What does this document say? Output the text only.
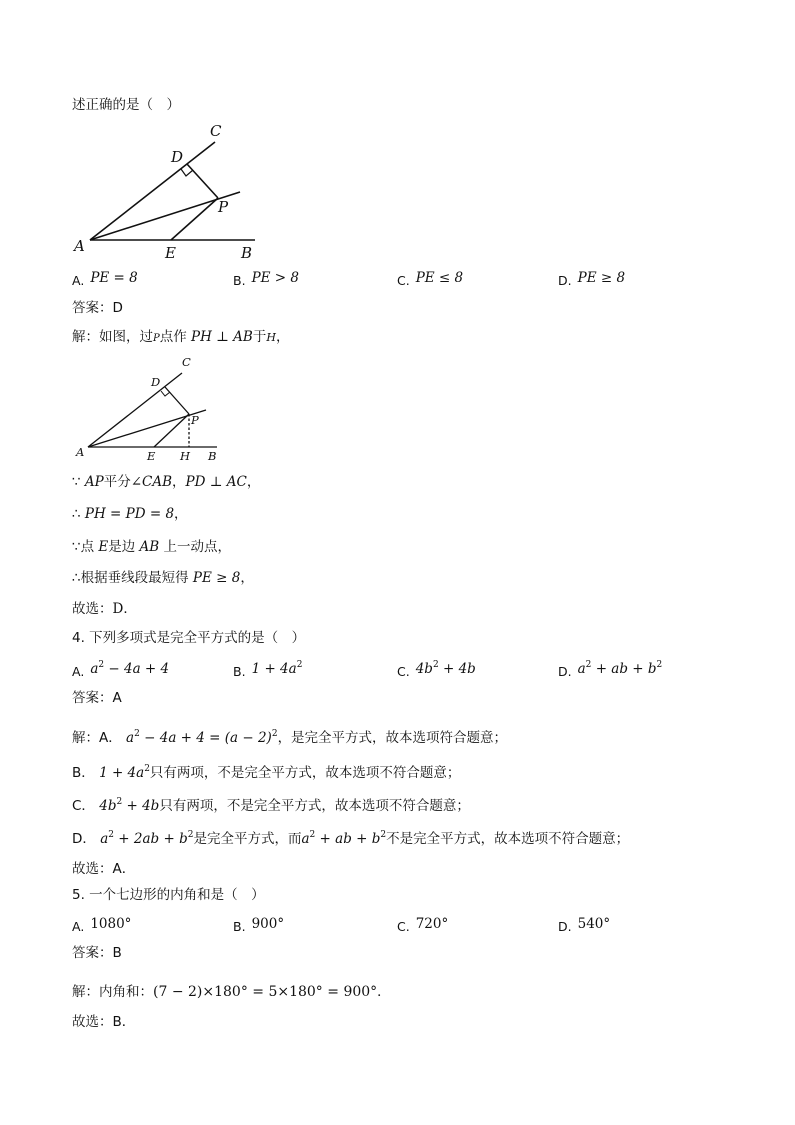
述正确的是（　）
A	B
C
D
E
P
A. PE = 8	B. PE > 8	C. PE ≤ 8	D. PE ≥ 8
答案：D
解：如图，过P点作 PH ⊥ AB于H，
A	B
C
D
E H
P
∵ AP平分∠CAB，PD ⊥ AC，
∴ PH = PD = 8，
∵点 E是边 AB 上一动点，
∴根据垂线段最短得 PE ≥ 8，
故选：D．
4. 下列多项式是完全平方式的是（　）
A. $a^2 - 4a + 4$	B. $1 + 4a^2$	C. $4b^2 + 4b$	D. $a^2$ + ab + $b^2$
答案：A
解：A． $a^2 - 4a + 4 = (a - 2)^2$，是完全平方式，故本选项符合题意；
B． $1 + 4a^2$只有两项，不是完全平方式，故本选项不符合题意；
C． $4b^2 + 4b$只有两项，不是完全平方式，故本选项不符合题意；
D． $a^2 + 2ab + b^2$是完全平方式，而$a^2$ + ab + $b^2$不是完全平方式，故本选项不符合题意；
故选：A．
5. 一个七边形的内角和是（　）
A. 1080°	B. 900°	C. 720°	D. 540°
答案：B
解：内角和：(7 − 2)×180° = 5×180° = 900°．
故选：B．
